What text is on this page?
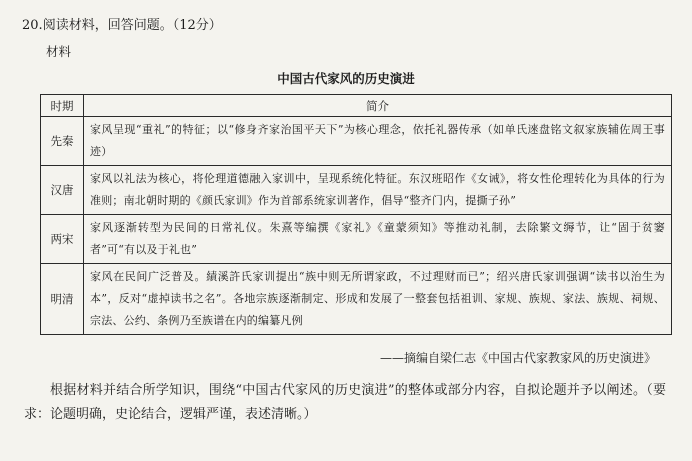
20.阅读材料，回答问题。（12分）
材料
中国古代家风的历史演进
时期	简介
先秦	家风呈现“重礼”的特征；以“修身齐家治国平天下”为核心理念，依托礼器传承（如单氏逨盘铭文叙家族辅佐周王事迹）
汉唐	家风以礼法为核心，将伦理道德融入家训中，呈现系统化特征。东汉班昭作《女诫》，将女性伦理转化为具体的行为准则；南北朝时期的《颜氏家训》作为首部系统家训著作，倡导“整齐门内，提撕子孙”
两宋	家风逐渐转型为民间的日常礼仪。朱熹等编撰《家礼》《童蒙须知》等推动礼制，去除繁文缛节，让“固于贫窭者”可“有以及于礼也”
明清	家风在民间广泛普及。績溪許氏家训提出“族中则无所谓家政，不过理财而已”；绍兴唐氏家训强调“读书以治生为本”，反对“虚掉读书之名”。各地宗族逐渐制定、形成和发展了一整套包括祖训、家规、族规、家法、族规、祠规、宗法、公约、条例乃至族谱在内的编纂凡例
——摘编自梁仁志《中国古代家教家风的历史演进》
根据材料并结合所学知识，围绕“中国古代家风的历史演进”的整体或部分内容，自拟论题并予以阐述。（要求：论题明确，史论结合，逻辑严谨，表述清晰。）
